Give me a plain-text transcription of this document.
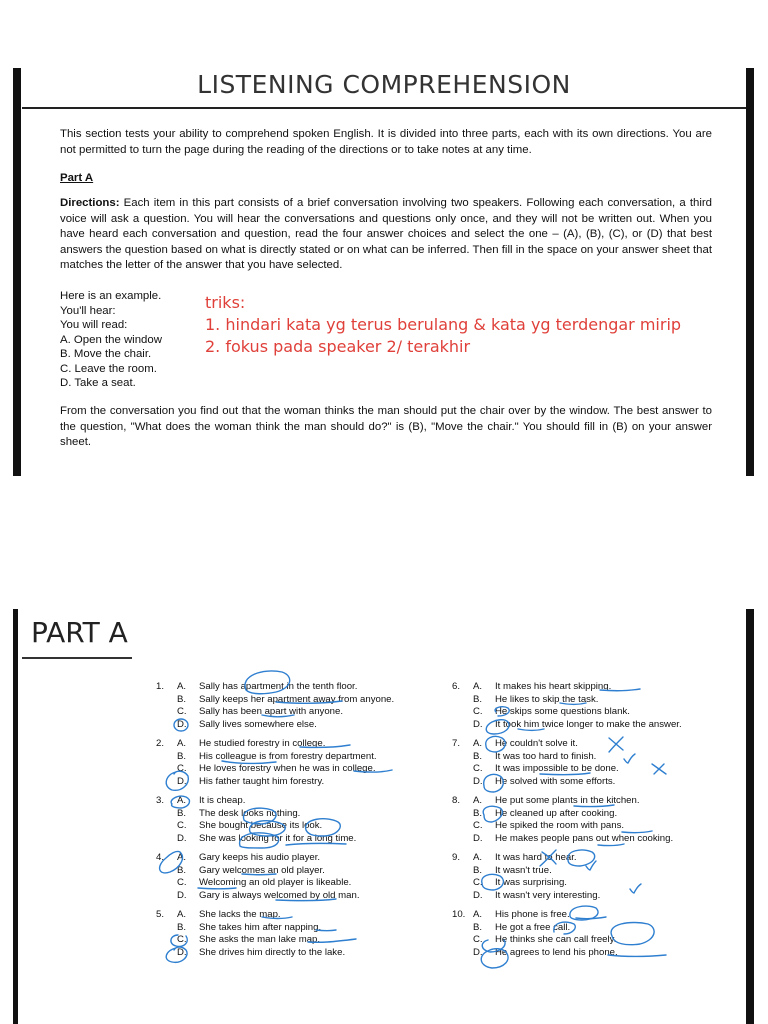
LISTENING COMPREHENSION

This section tests your ability to comprehend spoken English. It is divided into three parts, each with its own directions. You are not permitted to turn the page during the reading of the directions or to take notes at any time.

Part A

Directions: Each item in this part consists of a brief conversation involving two speakers. Following each conversation, a third voice will ask a question. You will hear the conversations and questions only once, and they will not be written out. When you have heard each conversation and question, read the four answer choices and select the one – (A), (B), (C), or (D) that best answers the question based on what is directly stated or on what can be inferred. Then fill in the space on your answer sheet that matches the letter of the answer that you have selected.

Here is an example.
You'll hear:
You will read:
A. Open the window
B. Move the chair.
C. Leave the room.
D. Take a seat.
triks:
1. hindari kata yg terus berulang & kata yg terdengar mirip
2. fokus pada speaker 2/ terakhir

From the conversation you find out that the woman thinks the man should put the chair over by the window. The best answer to the question, "What does the woman think the man should do?" is (B), "Move the chair." You should fill in (B) on your answer sheet.

PART A
1. A. Sally has apartment in the tenth floor.
B. Sally keeps her apartment away from anyone.
C. Sally has been apart with anyone.
D. Sally lives somewhere else.
2. A. He studied forestry in college.
B. His colleague is from forestry department.
C. He loves forestry when he was in college.
D. His father taught him forestry.
3. A. It is cheap.
B. The desk looks nothing.
C. She bought because its look.
D. She was looking for it for a long time.
4. A. Gary keeps his audio player.
B. Gary welcomes an old player.
C. Welcoming an old player is likeable.
D. Gary is always welcomed by old man.
5. A. She lacks the map.
B. She takes him after napping.
C. She asks the man lake map.
D. She drives him directly to the lake.
6. A. It makes his heart skipping.
B. He likes to skip the task.
C. He skips some questions blank.
D. It took him twice longer to make the answer.
7. A. He couldn't solve it.
B. It was too hard to finish.
C. It was impossible to be done.
D. He solved with some efforts.
8. A. He put some plants in the kitchen.
B. He cleaned up after cooking.
C. He spiked the room with pans.
D. He makes people pans out when cooking.
9. A. It was hard to hear.
B. It wasn't true.
C. It was surprising.
D. It wasn't very interesting.
10. A. His phone is free.
B. He got a free call.
C. He thinks she can call freely.
D. He agrees to lend his phone.
